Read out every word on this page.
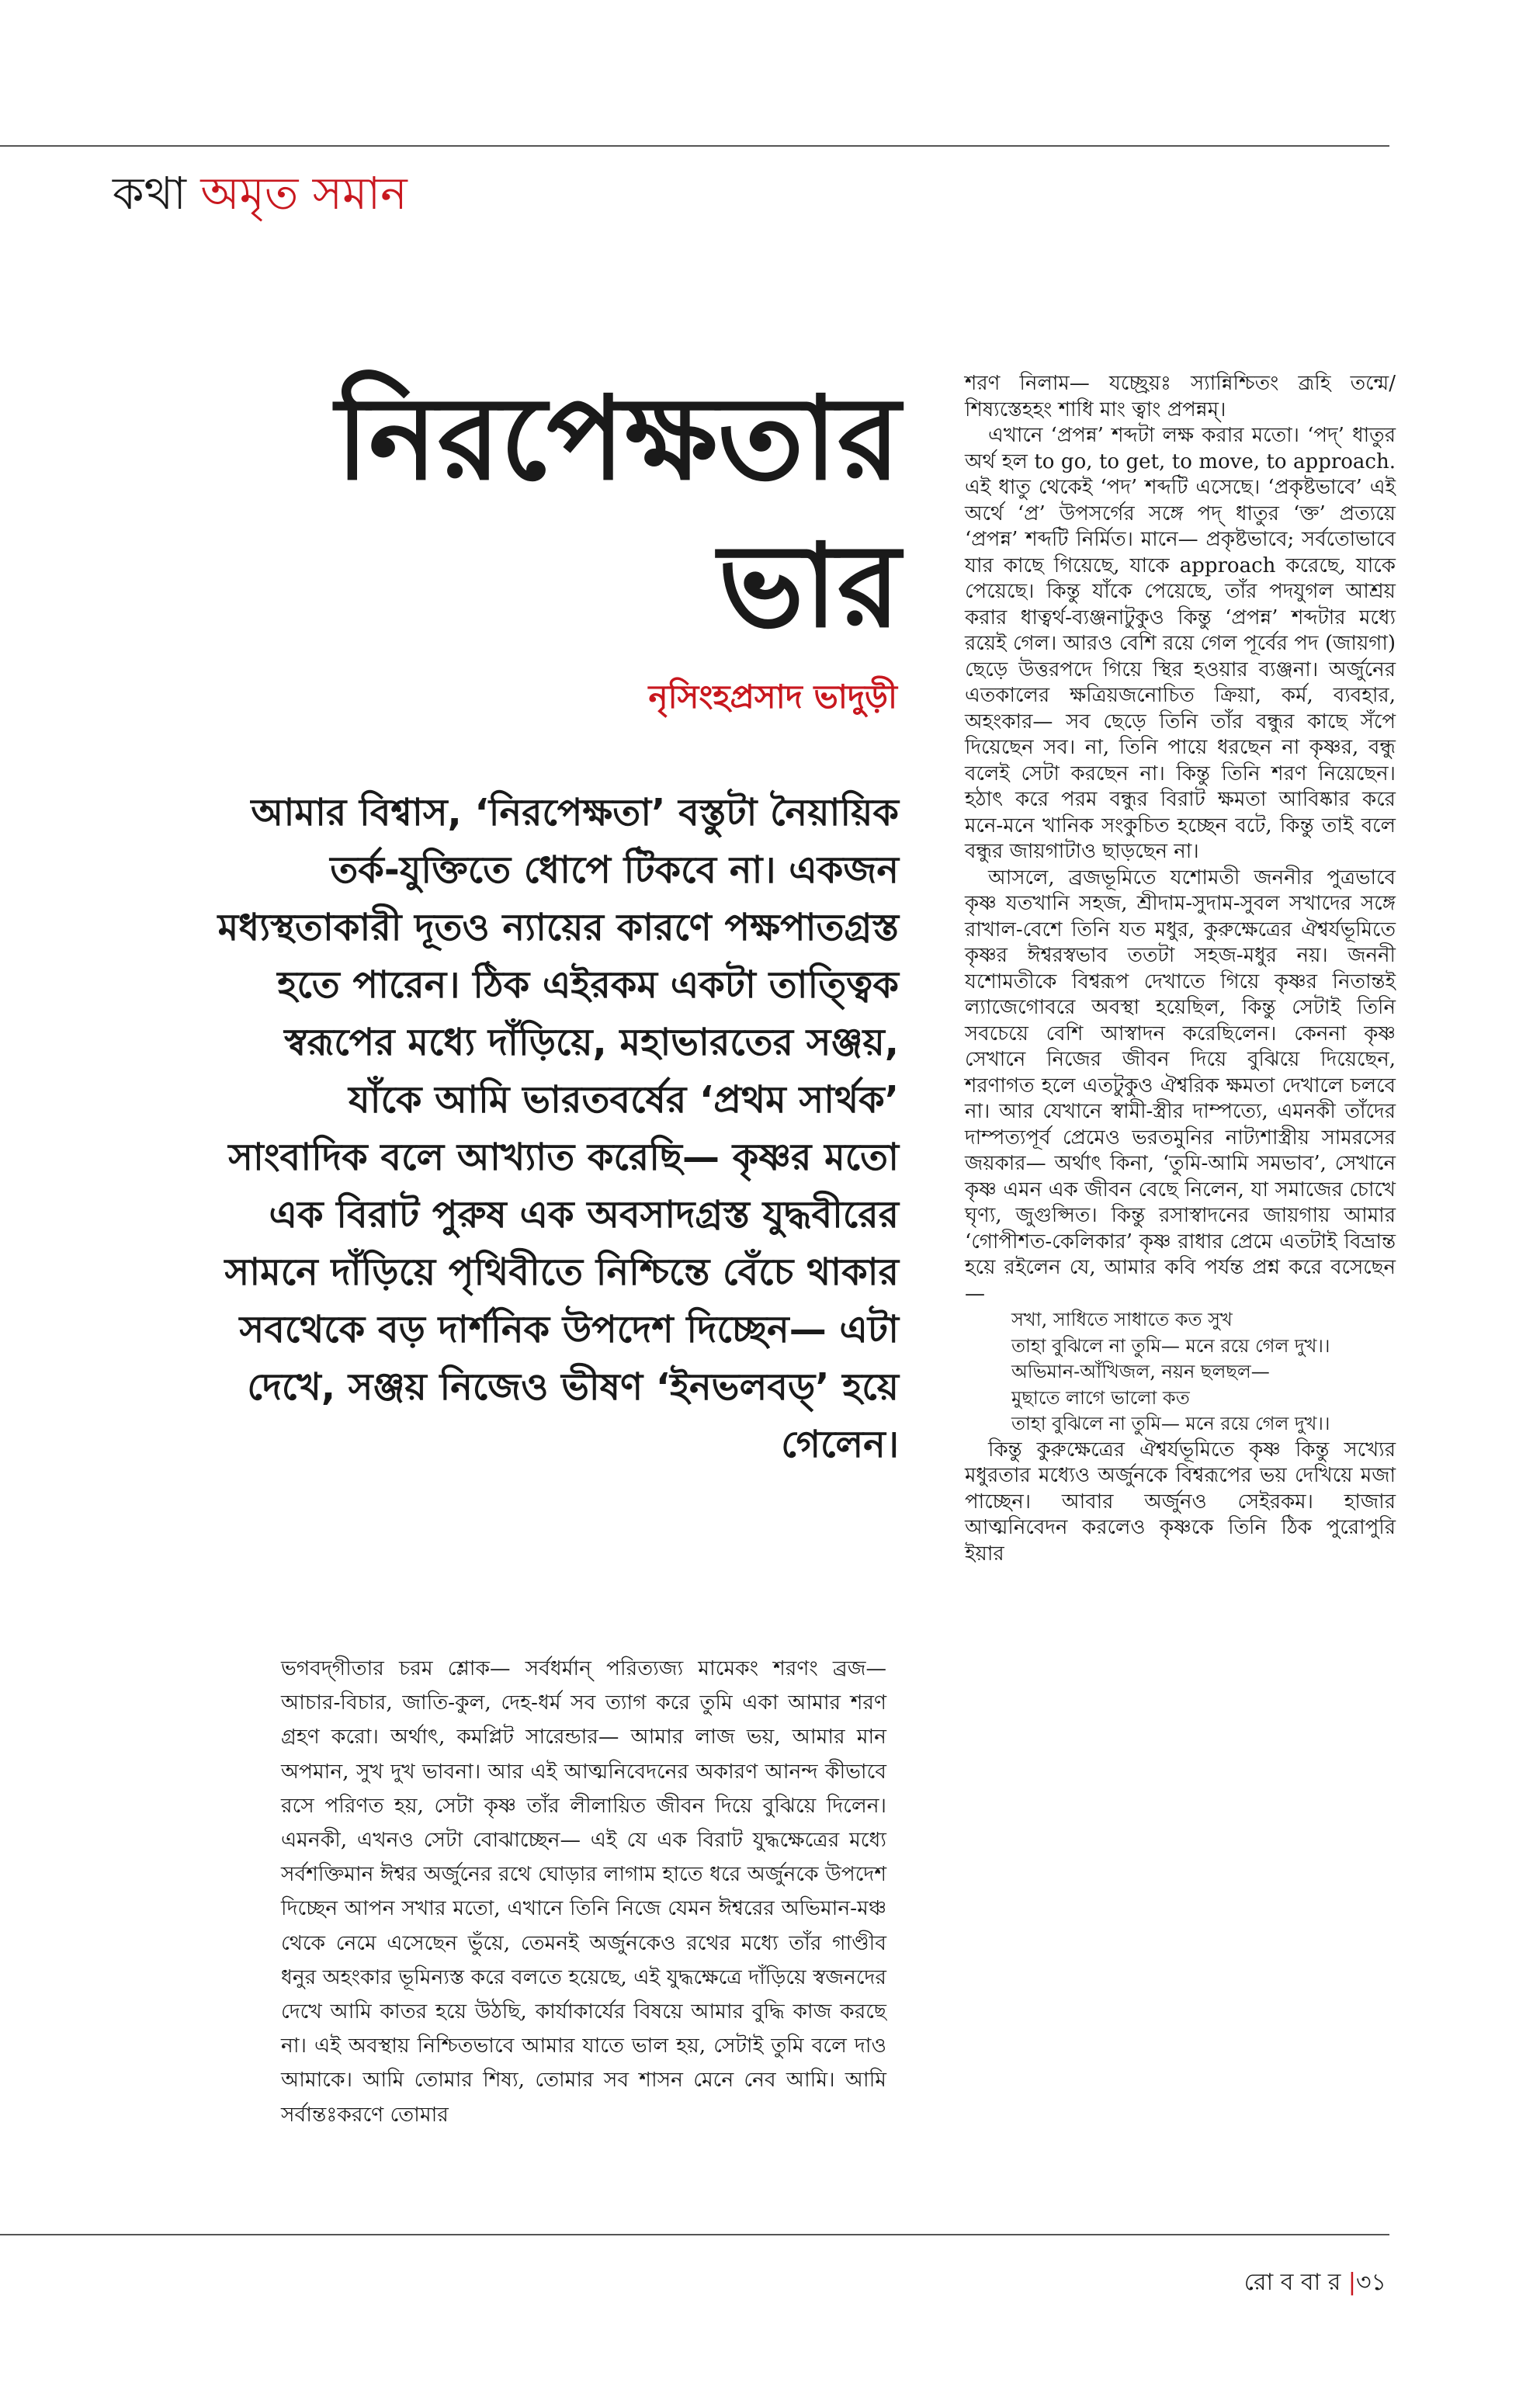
কথা অমৃত সমান
নিরপেক্ষতার
ভার
নৃসিংহপ্রসাদ ভাদুড়ী

আমার বিশ্বাস, ‘নিরপেক্ষতা’ বস্তুটা নৈয়ায়িক তর্ক-যুক্তিতে ধোপে টিকবে না। একজন মধ্যস্থতাকারী দূতও ন্যায়ের কারণে পক্ষপাতগ্রস্ত হতে পারেন। ঠিক এইরকম একটা তাত্ত্বিক স্বরূপের মধ্যে দাঁড়িয়ে, মহাভারতের সঞ্জয়, যাঁকে আমি ভারতবর্ষের ‘প্রথম সার্থক’ সাংবাদিক বলে আখ্যাত করেছি— কৃষ্ণর মতো এক বিরাট পুরুষ এক অবসাদগ্রস্ত যুদ্ধবীরের সামনে দাঁড়িয়ে পৃথিবীতে নিশ্চিন্তে বেঁচে থাকার সবথেকে বড় দার্শনিক উপদেশ দিচ্ছেন— এটা দেখে, সঞ্জয় নিজেও ভীষণ ‘ইনভলবড্’ হয়ে গেলেন।

ভগবদ্‌গীতার চরম শ্লোক— সর্বধর্মান্ পরিত্যজ্য মামেকং শরণং ব্রজ— আচার-বিচার, জাতি-কুল, দেহ-ধর্ম সব ত্যাগ করে তুমি একা আমার শরণ গ্রহণ করো। অর্থাৎ, কমপ্লিট সারেন্ডার— আমার লাজ ভয়, আমার মান অপমান, সুখ দুখ ভাবনা। আর এই আত্মনিবেদনের অকারণ আনন্দ কীভাবে রসে পরিণত হয়, সেটা কৃষ্ণ তাঁর লীলায়িত জীবন দিয়ে বুঝিয়ে দিলেন। এমনকী, এখনও সেটা বোঝাচ্ছেন— এই যে এক বিরাট যুদ্ধক্ষেত্রের মধ্যে সর্বশক্তিমান ঈশ্বর অর্জুনের রথে ঘোড়ার লাগাম হাতে ধরে অর্জুনকে উপদেশ দিচ্ছেন আপন সখার মতো, এখানে তিনি নিজে যেমন ঈশ্বরের অভিমান-মঞ্চ থেকে নেমে এসেছেন ভুঁয়ে, তেমনই অর্জুনকেও রথের মধ্যে তাঁর গাণ্ডীব ধনুর অহংকার ভূমিন্যস্ত করে বলতে হয়েছে, এই যুদ্ধক্ষেত্রে দাঁড়িয়ে স্বজনদের দেখে আমি কাতর হয়ে উঠছি, কার্যাকার্যের বিষয়ে আমার বুদ্ধি কাজ করছে না। এই অবস্থায় নিশ্চিতভাবে আমার যাতে ভাল হয়, সেটাই তুমি বলে দাও আমাকে। আমি তোমার শিষ্য, তোমার সব শাসন মেনে নেব আমি। আমি সর্বান্তঃকরণে তোমার

শরণ নিলাম— যচ্ছ্রেয়ঃ স্যান্নিশ্চিতং ব্রূহি তন্মে/ শিষ্যস্তেহহং শাধি মাং ত্বাং প্রপন্নম্।

এখানে ‘প্রপন্ন’ শব্দটা লক্ষ করার মতো। ‘পদ্’ ধাতুর অর্থ হল to go, to get, to move, to approach. এই ধাতু থেকেই ‘পদ’ শব্দটি এসেছে। ‘প্রকৃষ্টভাবে’ এই অর্থে ‘প্র’ উপসর্গের সঙ্গে পদ্ ধাতুর ‘ক্ত’ প্রত্যয়ে ‘প্রপন্ন’ শব্দটি নির্মিত। মানে— প্রকৃষ্টভাবে; সর্বতোভাবে যার কাছে গিয়েছে, যাকে approach করেছে, যাকে পেয়েছে। কিন্তু যাঁকে পেয়েছে, তাঁর পদযুগল আশ্রয় করার ধাত্বর্থ-ব্যঞ্জনাটুকুও কিন্তু ‘প্রপন্ন’ শব্দটার মধ্যে রয়েই গেল। আরও বেশি রয়ে গেল পূর্বের পদ (জায়গা) ছেড়ে উত্তরপদে গিয়ে স্থির হওয়ার ব্যঞ্জনা। অর্জুনের এতকালের ক্ষত্রিয়জনোচিত ক্রিয়া, কর্ম, ব্যবহার, অহংকার— সব ছেড়ে তিনি তাঁর বন্ধুর কাছে সঁপে দিয়েছেন সব। না, তিনি পায়ে ধরছেন না কৃষ্ণর, বন্ধু বলেই সেটা করছেন না। কিন্তু তিনি শরণ নিয়েছেন। হঠাৎ করে পরম বন্ধুর বিরাট ক্ষমতা আবিষ্কার করে মনে-মনে খানিক সংকুচিত হচ্ছেন বটে, কিন্তু তাই বলে বন্ধুর জায়গাটাও ছাড়ছেন না।

আসলে, ব্রজভূমিতে যশোমতী জননীর পুত্রভাবে কৃষ্ণ যতখানি সহজ, শ্রীদাম-সুদাম-সুবল সখাদের সঙ্গে রাখাল-বেশে তিনি যত মধুর, কুরুক্ষেত্রের ঐশ্বর্যভূমিতে কৃষ্ণর ঈশ্বরস্বভাব ততটা সহজ-মধুর নয়। জননী যশোমতীকে বিশ্বরূপ দেখাতে গিয়ে কৃষ্ণর নিতান্তই ল্যাজেগোবরে অবস্থা হয়েছিল, কিন্তু সেটাই তিনি সবচেয়ে বেশি আস্বাদন করেছিলেন। কেননা কৃষ্ণ সেখানে নিজের জীবন দিয়ে বুঝিয়ে দিয়েছেন, শরণাগত হলে এতটুকুও ঐশ্বরিক ক্ষমতা দেখালে চলবে না। আর যেখানে স্বামী-স্ত্রীর দাম্পত্যে, এমনকী তাঁদের দাম্পত্যপূর্ব প্রেমেও ভরতমুনির নাট্যশাস্ত্রীয় সামরসের জয়কার— অর্থাৎ কিনা, ‘তুমি-আমি সমভাব’, সেখানে কৃষ্ণ এমন এক জীবন বেছে নিলেন, যা সমাজের চোখে ঘৃণ্য, জুগুপ্সিত। কিন্তু রসাস্বাদনের জায়গায় আমার ‘গোপীশত-কেলিকার’ কৃষ্ণ রাধার প্রেমে এতটাই বিভ্রান্ত হয়ে রইলেন যে, আমার কবি পর্যন্ত প্রশ্ন করে বসেছেন—

সখা, সাধিতে সাধাতে কত সুখ
তাহা বুঝিলে না তুমি— মনে রয়ে গেল দুখ।।
অভিমান-আঁখিজল, নয়ন ছলছল—
মুছাতে লাগে ভালো কত
তাহা বুঝিলে না তুমি— মনে রয়ে গেল দুখ।।

কিন্তু কুরুক্ষেত্রের ঐশ্বর্যভূমিতে কৃষ্ণ কিন্তু সখ্যের মধুরতার মধ্যেও অর্জুনকে বিশ্বরূপের ভয় দেখিয়ে মজা পাচ্ছেন। আবার অর্জুনও সেইরকম। হাজার আত্মনিবেদন করলেও কৃষ্ণকে তিনি ঠিক পুরোপুরি ইয়ার

রো ব বা র |৩১
